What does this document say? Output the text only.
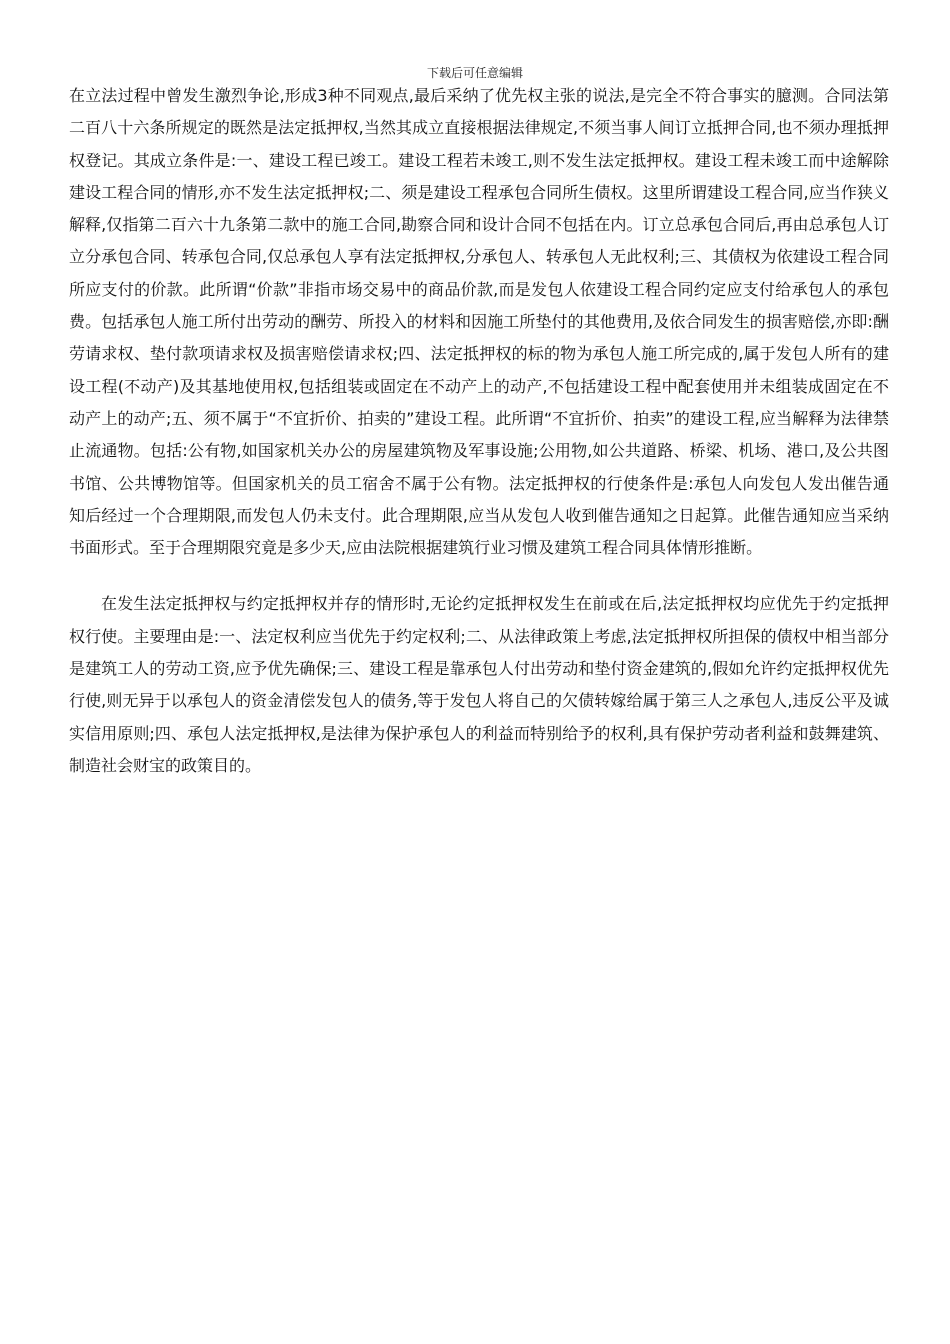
下载后可任意编辑

在立法过程中曾发生激烈争论,形成3种不同观点,最后采纳了优先权主张的说法,是完全不符合事实的臆测。合同法第二百八十六条所规定的既然是法定抵押权,当然其成立直接根据法律规定,不须当事人间订立抵押合同,也不须办理抵押权登记。其成立条件是:一、建设工程已竣工。建设工程若未竣工,则不发生法定抵押权。建设工程未竣工而中途解除建设工程合同的情形,亦不发生法定抵押权;二、须是建设工程承包合同所生债权。这里所谓建设工程合同,应当作狭义解释,仅指第二百六十九条第二款中的施工合同,勘察合同和设计合同不包括在内。订立总承包合同后,再由总承包人订立分承包合同、转承包合同,仅总承包人享有法定抵押权,分承包人、转承包人无此权利;三、其债权为依建设工程合同所应支付的价款。此所谓“价款”非指市场交易中的商品价款,而是发包人依建设工程合同约定应支付给承包人的承包费。包括承包人施工所付出劳动的酬劳、所投入的材料和因施工所垫付的其他费用,及依合同发生的损害赔偿,亦即:酬劳请求权、垫付款项请求权及损害赔偿请求权;四、法定抵押权的标的物为承包人施工所完成的,属于发包人所有的建设工程(不动产)及其基地使用权,包括组装或固定在不动产上的动产,不包括建设工程中配套使用并未组装成固定在不动产上的动产;五、须不属于“不宜折价、拍卖的”建设工程。此所谓“不宜折价、拍卖”的建设工程,应当解释为法律禁止流通物。包括:公有物,如国家机关办公的房屋建筑物及军事设施;公用物,如公共道路、桥梁、机场、港口,及公共图书馆、公共博物馆等。但国家机关的员工宿舍不属于公有物。法定抵押权的行使条件是:承包人向发包人发出催告通知后经过一个合理期限,而发包人仍未支付。此合理期限,应当从发包人收到催告通知之日起算。此催告通知应当采纳书面形式。至于合理期限究竟是多少天,应由法院根据建筑行业习惯及建筑工程合同具体情形推断。

在发生法定抵押权与约定抵押权并存的情形时,无论约定抵押权发生在前或在后,法定抵押权均应优先于约定抵押权行使。主要理由是:一、法定权利应当优先于约定权利;二、从法律政策上考虑,法定抵押权所担保的债权中相当部分是建筑工人的劳动工资,应予优先确保;三、建设工程是靠承包人付出劳动和垫付资金建筑的,假如允许约定抵押权优先行使,则无异于以承包人的资金清偿发包人的债务,等于发包人将自己的欠债转嫁给属于第三人之承包人,违反公平及诚实信用原则;四、承包人法定抵押权,是法律为保护承包人的利益而特别给予的权利,具有保护劳动者利益和鼓舞建筑、制造社会财宝的政策目的。
